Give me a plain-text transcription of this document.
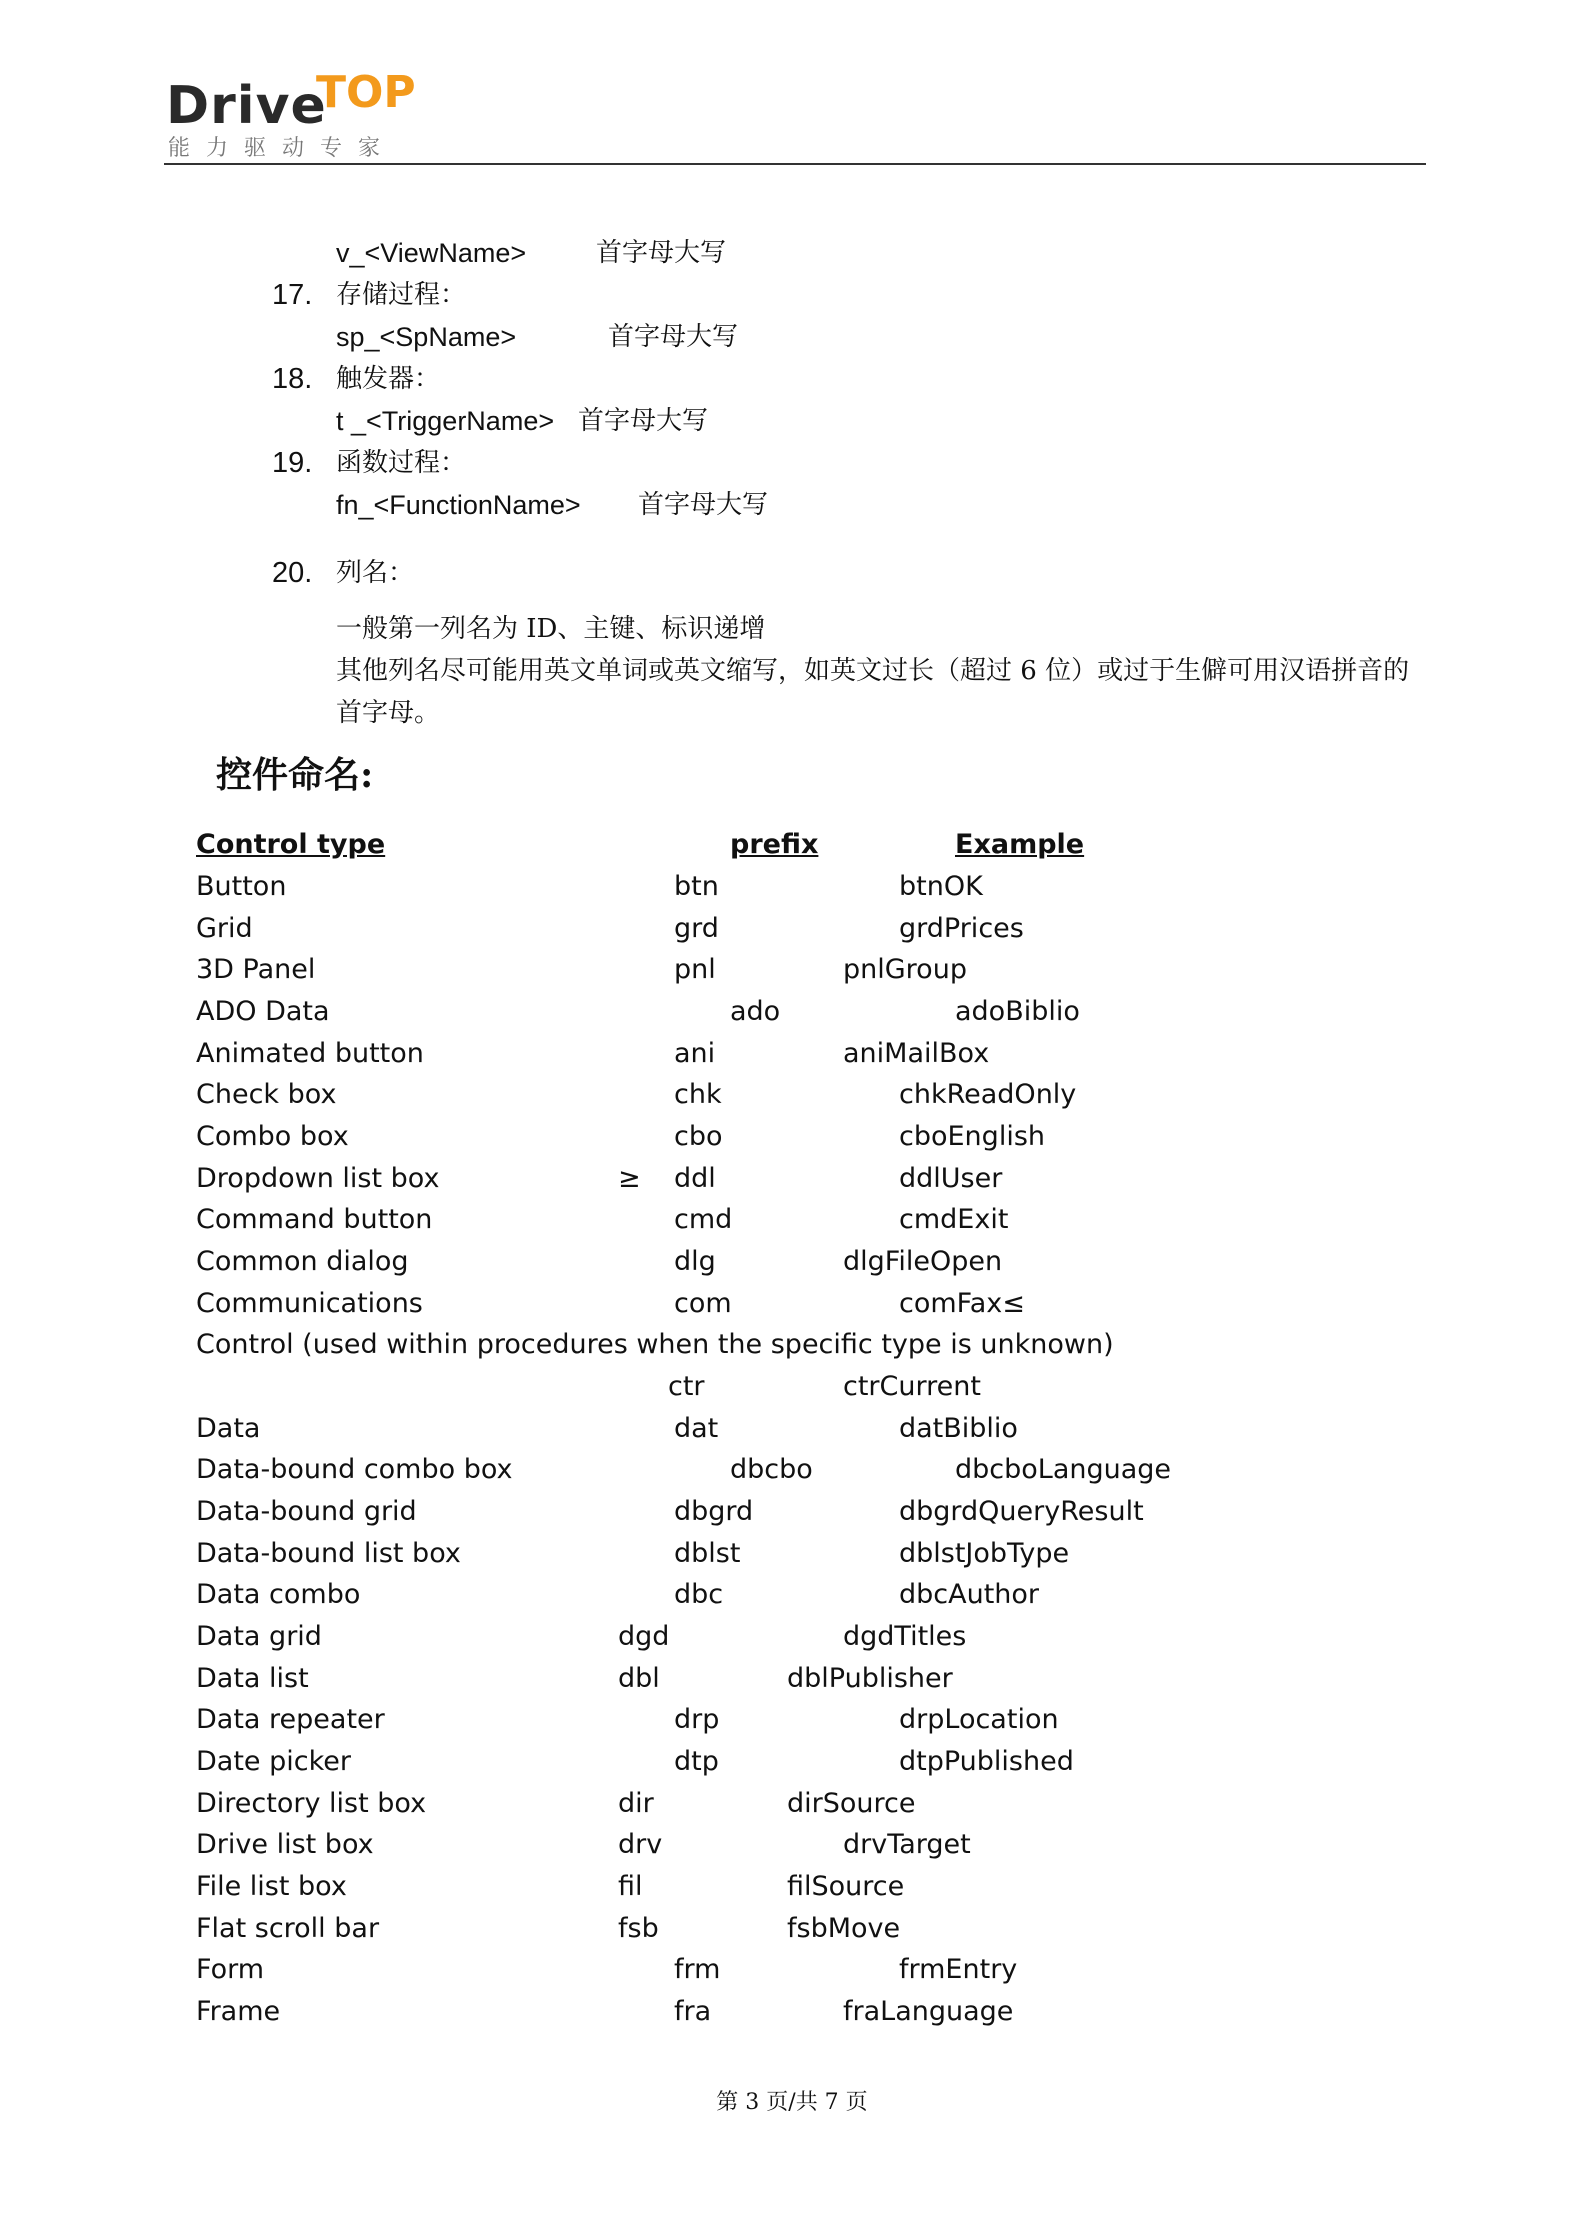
Drive
TOP
能力驱动专家
v_<ViewName>	首字母大写
17. 存储过程：
sp_<SpName>	首字母大写
18. 触发器：
t _<TriggerName> 首字母大写
19. 函数过程：
fn_<FunctionName> 首字母大写
20. 列名：
一般第一列名为 ID、主键、标识递增
其他列名尽可能用英文单词或英文缩写，如英文过长（超过 6 位）或过于生僻可用汉语拼音的首字母。
控件命名:
Control type	prefix	Example
Button	btn	btnOK
Grid	grd	grdPrices
3D Panel	pnl	pnlGroup
ADO Data	ado	adoBiblio
Animated button	ani	aniMailBox
Check box	chk	chkReadOnly
Combo box	cbo	cboEnglish
Dropdown list box	≥ ddl	ddlUser
Command button	cmd	cmdExit
Common dialog	dlg	dlgFileOpen
Communications	com	comFax≤
Control (used within procedures when the specific type is unknown)
ctr	ctrCurrent
Data	dat	datBiblio
Data-bound combo box	dbcbo	dbcboLanguage
Data-bound grid	dbgrd	dbgrdQueryResult
Data-bound list box	dblst	dblstJobType
Data combo	dbc	dbcAuthor
Data grid	dgd	dgdTitles
Data list	dbl	dblPublisher
Data repeater	drp	drpLocation
Date picker	dtp	dtpPublished
Directory list box	dir	dirSource
Drive list box	drv	drvTarget
File list box	fil	filSource
Flat scroll bar	fsb	fsbMove
Form	frm	frmEntry
Frame	fra	fraLanguage
第 3 页/共 7 页
